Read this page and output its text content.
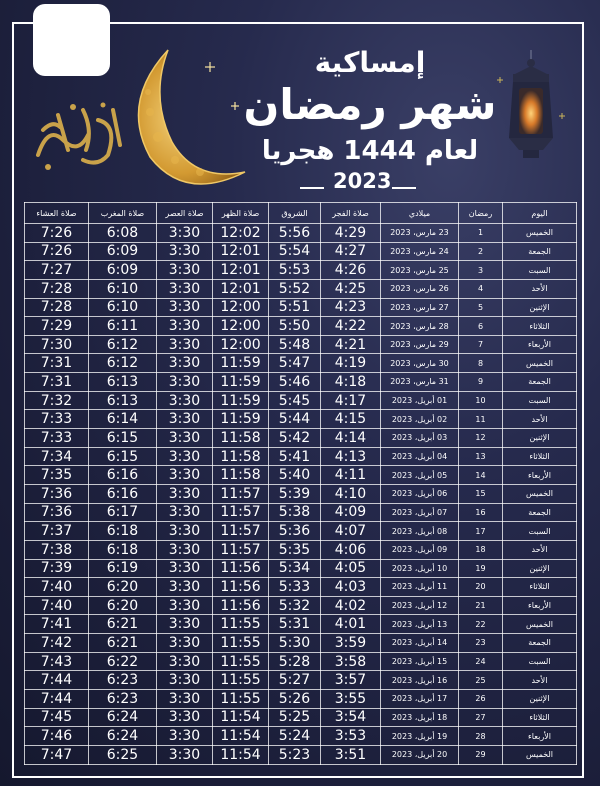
إمساكية
شهر رمضان
لعام 1444 هجريا
2023
صلاة العشاء	صلاة المغرب	صلاة العصر	صلاة الظهر	الشروق	صلاة الفجر	ميلادي	رمضان	اليوم
7:26	6:08	3:30	12:02	5:56	4:29	23 مارس، 2023	1	الخميس
7:26	6:09	3:30	12:01	5:54	4:27	24 مارس، 2023	2	الجمعة
7:27	6:09	3:30	12:01	5:53	4:26	25 مارس، 2023	3	السبت
7:28	6:10	3:30	12:01	5:52	4:25	26 مارس، 2023	4	الأحد
7:28	6:10	3:30	12:00	5:51	4:23	27 مارس، 2023	5	الإثنين
7:29	6:11	3:30	12:00	5:50	4:22	28 مارس، 2023	6	الثلاثاء
7:30	6:12	3:30	12:00	5:48	4:21	29 مارس، 2023	7	الأربعاء
7:31	6:12	3:30	11:59	5:47	4:19	30 مارس، 2023	8	الخميس
7:31	6:13	3:30	11:59	5:46	4:18	31 مارس، 2023	9	الجمعة
7:32	6:13	3:30	11:59	5:45	4:17	01 أبريل، 2023	10	السبت
7:33	6:14	3:30	11:59	5:44	4:15	02 أبريل، 2023	11	الأحد
7:33	6:15	3:30	11:58	5:42	4:14	03 أبريل، 2023	12	الإثنين
7:34	6:15	3:30	11:58	5:41	4:13	04 أبريل، 2023	13	الثلاثاء
7:35	6:16	3:30	11:58	5:40	4:11	05 أبريل، 2023	14	الأربعاء
7:36	6:16	3:30	11:57	5:39	4:10	06 أبريل، 2023	15	الخميس
7:36	6:17	3:30	11:57	5:38	4:09	07 أبريل، 2023	16	الجمعة
7:37	6:18	3:30	11:57	5:36	4:07	08 أبريل، 2023	17	السبت
7:38	6:18	3:30	11:57	5:35	4:06	09 أبريل، 2023	18	الأحد
7:39	6:19	3:30	11:56	5:34	4:05	10 أبريل، 2023	19	الإثنين
7:40	6:20	3:30	11:56	5:33	4:03	11 أبريل، 2023	20	الثلاثاء
7:40	6:20	3:30	11:56	5:32	4:02	12 أبريل، 2023	21	الأربعاء
7:41	6:21	3:30	11:55	5:31	4:01	13 أبريل، 2023	22	الخميس
7:42	6:21	3:30	11:55	5:30	3:59	14 أبريل، 2023	23	الجمعة
7:43	6:22	3:30	11:55	5:28	3:58	15 أبريل، 2023	24	السبت
7:44	6:23	3:30	11:55	5:27	3:57	16 أبريل، 2023	25	الأحد
7:44	6:23	3:30	11:55	5:26	3:55	17 أبريل، 2023	26	الإثنين
7:45	6:24	3:30	11:54	5:25	3:54	18 أبريل، 2023	27	الثلاثاء
7:46	6:24	3:30	11:54	5:24	3:53	19 أبريل، 2023	28	الأربعاء
7:47	6:25	3:30	11:54	5:23	3:51	20 أبريل، 2023	29	الخميس
